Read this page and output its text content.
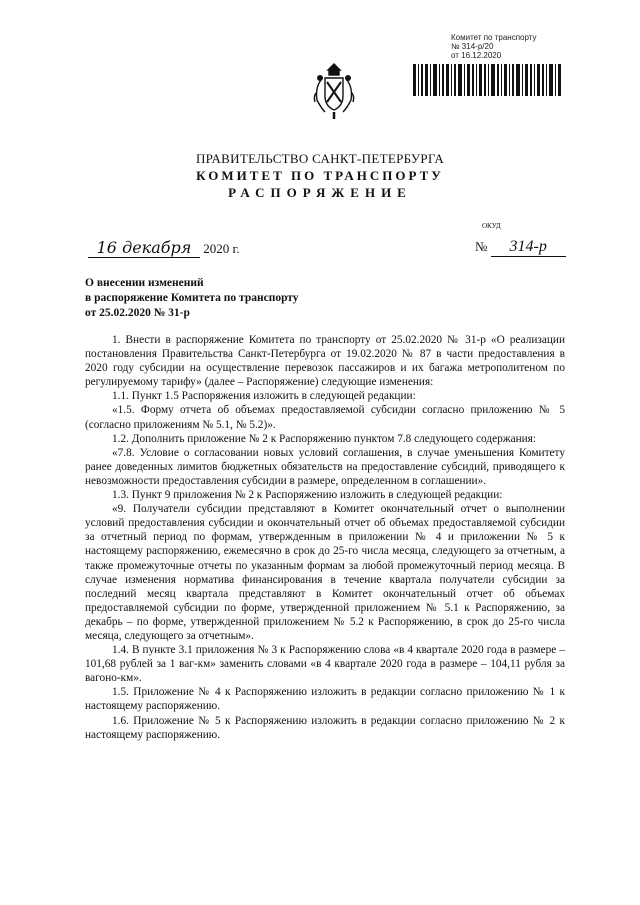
Комитет по транспорту
№ 314-р/20
от 16.12.2020
ПРАВИТЕЛЬСТВО САНКТ-ПЕТЕРБУРГА
КОМИТЕТ ПО ТРАНСПОРТУ
РАСПОРЯЖЕНИЕ
ОКУД
16 декабря 2020 г.	№ 314-р
О внесении изменений
в распоряжение Комитета по транспорту
от 25.02.2020 № 31-р

1. Внести в распоряжение Комитета по транспорту от 25.02.2020 № 31-р «О реализации постановления Правительства Санкт-Петербурга от 19.02.2020 № 87 в части предоставления в 2020 году субсидии на осуществление перевозок пассажиров и их багажа метрополитеном по регулируемому тарифу» (далее – Распоряжение) следующие изменения:

1.1. Пункт 1.5 Распоряжения изложить в следующей редакции:

«1.5. Форму отчета об объемах предоставляемой субсидии согласно приложению № 5 (согласно приложениям № 5.1, № 5.2)».

1.2. Дополнить приложение № 2 к Распоряжению пунктом 7.8 следующего содержания:

«7.8. Условие о согласовании новых условий соглашения, в случае уменьшения Комитету ранее доведенных лимитов бюджетных обязательств на предоставление субсидий, приводящего к невозможности предоставления субсидии в размере, определенном в соглашении».

1.3. Пункт 9 приложения № 2 к Распоряжению изложить в следующей редакции:

«9. Получатели субсидии представляют в Комитет окончательный отчет о выполнении условий предоставления субсидии и окончательный отчет об объемах предоставляемой субсидии за отчетный период по формам, утвержденным в приложении № 4 и приложении № 5 к настоящему распоряжению, ежемесячно в срок до 25-го числа месяца, следующего за отчетным, а также промежуточные отчеты по указанным формам за любой промежуточный период месяца. В случае изменения норматива финансирования в течение квартала получатели субсидии за последний месяц квартала представляют в Комитет окончательный отчет об объемах предоставляемой субсидии по форме, утвержденной приложением № 5.1 к Распоряжению, за декабрь – по форме, утвержденной приложением № 5.2 к Распоряжению, в срок до 25-го числа месяца, следующего за отчетным».

1.4. В пункте 3.1 приложения № 3 к Распоряжению слова «в 4 квартале 2020 года в размере – 101,68 рублей за 1 ваг-км» заменить словами «в 4 квартале 2020 года в размере – 104,11 рубля за вагоно-км».

1.5. Приложение № 4 к Распоряжению изложить в редакции согласно приложению № 1 к настоящему распоряжению.

1.6. Приложение № 5 к Распоряжению изложить в редакции согласно приложению № 2 к настоящему распоряжению.
